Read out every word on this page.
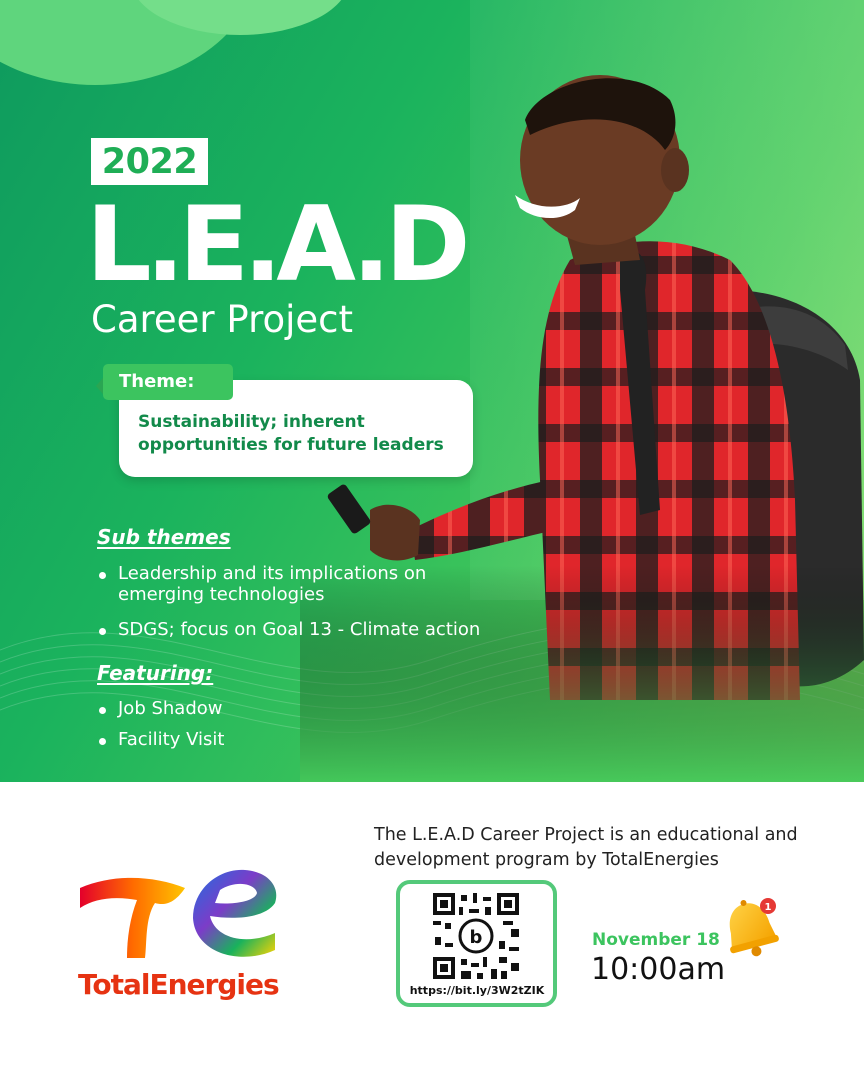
2022
L.E.A.D
Career Project
Sustainability; inherent opportunities for future leaders
Theme:
Sub themes
Leadership and its implications on emerging technologies
SDGS; focus on Goal 13 - Climate action
Featuring:
Job Shadow
Facility Visit
TotalEnergies
The L.E.A.D Career Project is an educational and development program by TotalEnergies
b
https://bit.ly/3W2tZIK
November 18
10:00am
1
